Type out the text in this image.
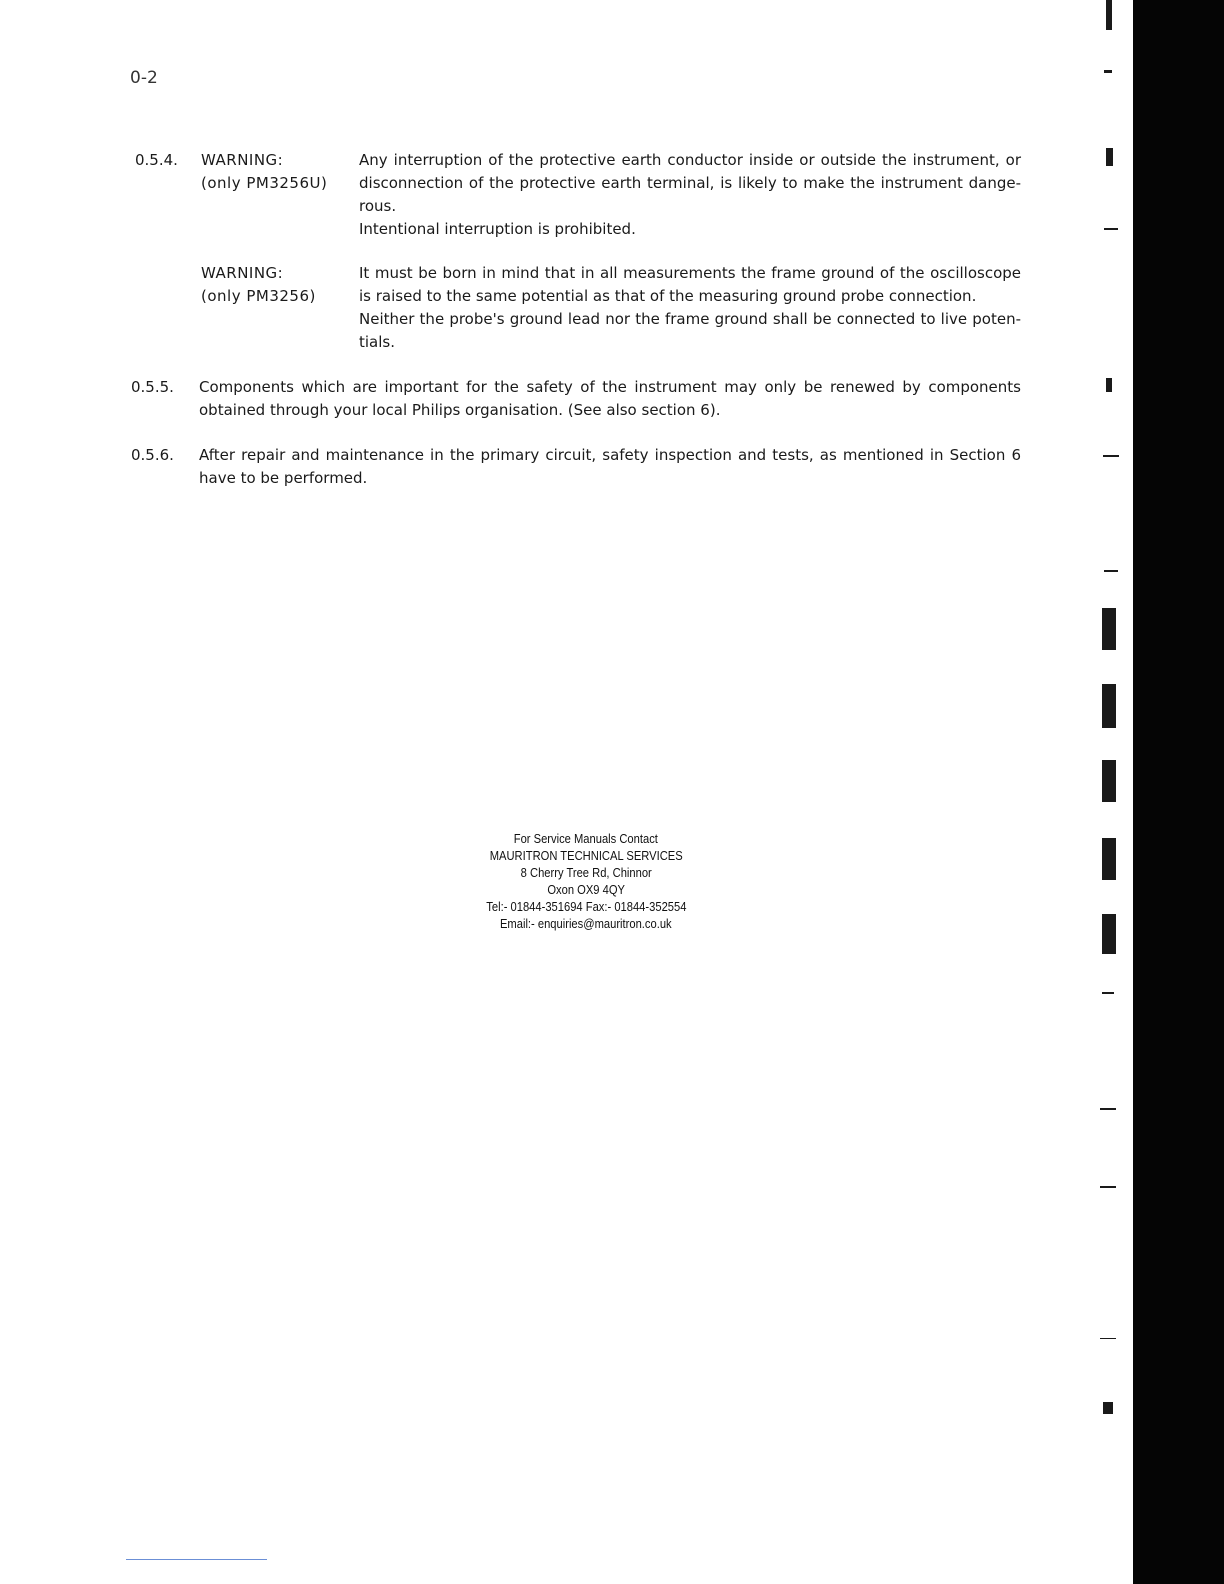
0-2
0.5.4. WARNING:
(only PM3256U)

Any interruption of the protective earth conductor inside or outside the instrument, or disconnection of the protective earth terminal, is likely to make the instrument dange- rous.

Intentional interruption is prohibited.

WARNING:
(only PM3256)

It must be born in mind that in all measurements the frame ground of the oscilloscope is raised to the same potential as that of the measuring ground probe connection.

Neither the probe's ground lead nor the frame ground shall be connected to live poten- tials.

0.5.5. Components which are important for the safety of the instrument may only be renewed by components obtained through your local Philips organisation. (See also section 6).
0.5.6. After repair and maintenance in the primary circuit, safety inspection and tests, as mentioned in Section 6 have to be performed.
For Service Manuals Contact
MAURITRON TECHNICAL SERVICES
8 Cherry Tree Rd, Chinnor
Oxon OX9 4QY
Tel:- 01844-351694 Fax:- 01844-352554
Email:- enquiries@mauritron.co.uk
